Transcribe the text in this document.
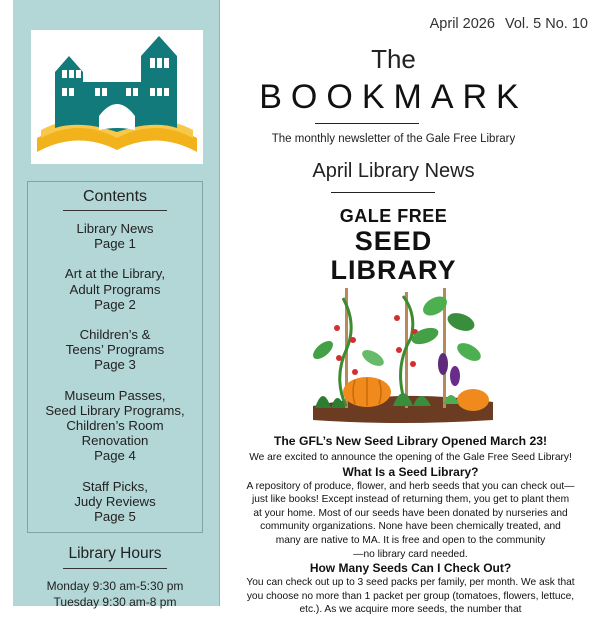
Contents
Library News
Page 1
Art at the Library,
Adult Programs
Page 2
Children’s &
Teens’ Programs
Page 3
Museum Passes,
Seed Library Programs,
Children’s Room
Renovation
Page 4
Staff Picks,
Judy Reviews
Page 5
Library Hours
Monday 9:30 am-5:30 pm
Tuesday 9:30 am-8 pm
April 2026 Vol. 5 No. 10
The
BOOKMARK
The monthly newsletter of the Gale Free Library
April Library News
GALE FREE
SEED
LIBRARY
The GFL’s New Seed Library Opened March 23!
We are excited to announce the opening of the Gale Free Seed Library!
What Is a Seed Library?
A repository of produce, flower, and herb seeds that you can check out—
just like books! Except instead of returning them, you get to plant them
at your home. Most of our seeds have been donated by nurseries and
community organizations. None have been chemically treated, and
many are native to MA. It is free and open to the community
—no library card needed.
How Many Seeds Can I Check Out?
You can check out up to 3 seed packs per family, per month. We ask that
you choose no more than 1 packet per group (tomatoes, flowers, lettuce,
etc.). As we acquire more seeds, the number that
